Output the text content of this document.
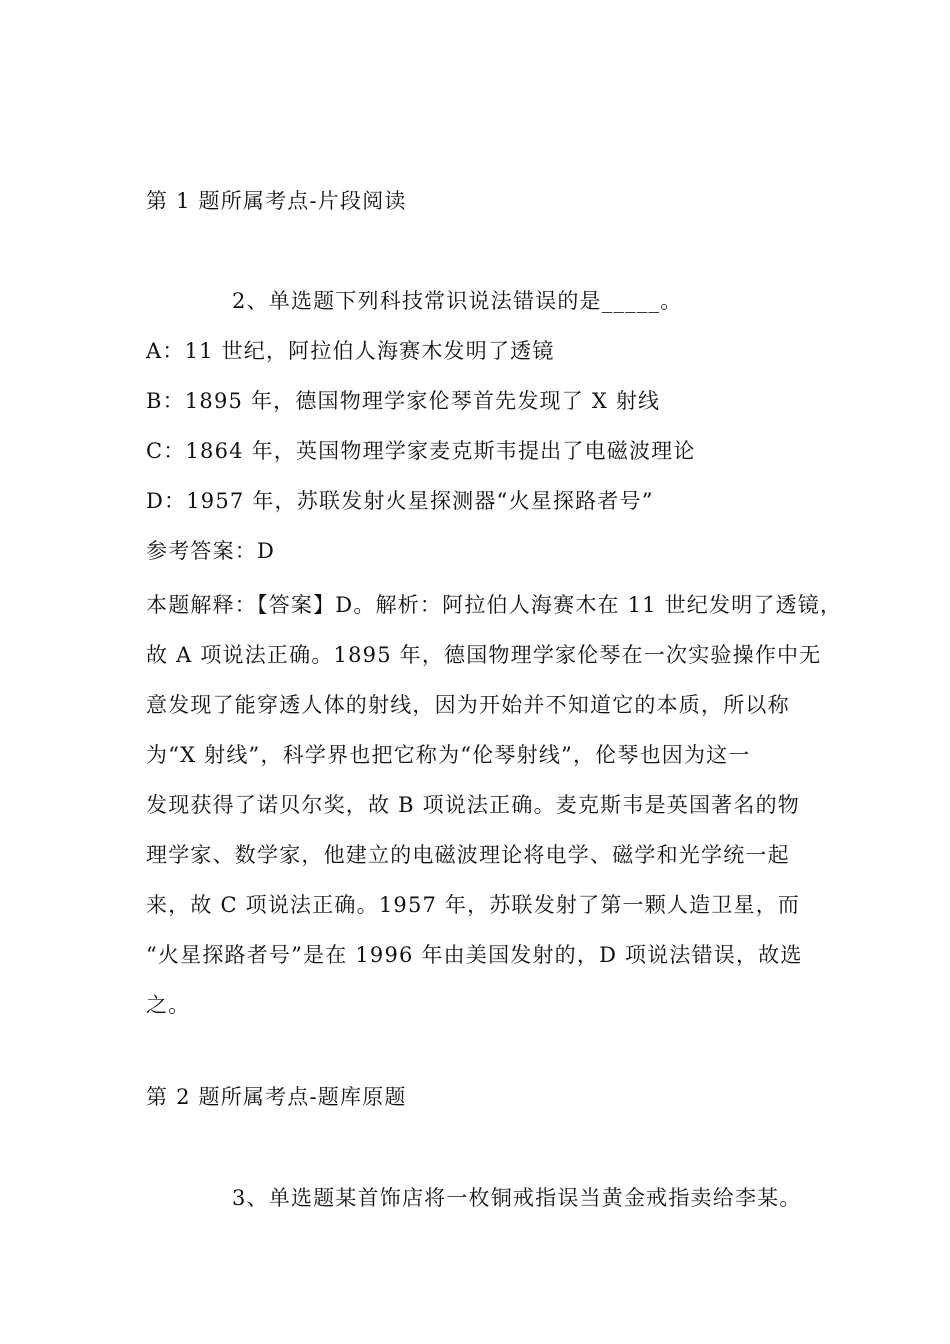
第 1 题所属考点-片段阅读
2、单选题下列科技常识说法错误的是_____。
A：11 世纪，阿拉伯人海赛木发明了透镜
B：1895 年，德国物理学家伦琴首先发现了 X 射线
C：1864 年，英国物理学家麦克斯韦提出了电磁波理论
D：1957 年，苏联发射火星探测器“火星探路者号”
参考答案：D
本题解释：【答案】D。解析：阿拉伯人海赛木在 11 世纪发明了透镜，
故 A 项说法正确。1895 年，德国物理学家伦琴在一次实验操作中无
意发现了能穿透人体的射线，因为开始并不知道它的本质，所以称
为“X 射线”，科学界也把它称为“伦琴射线”，伦琴也因为这一
发现获得了诺贝尔奖，故 B 项说法正确。麦克斯韦是英国著名的物
理学家、数学家，他建立的电磁波理论将电学、磁学和光学统一起
来，故 C 项说法正确。1957 年，苏联发射了第一颗人造卫星，而
“火星探路者号”是在 1996 年由美国发射的，D 项说法错误，故选
之。
第 2 题所属考点-题库原题
3、单选题某首饰店将一枚铜戒指误当黄金戒指卖给李某。
